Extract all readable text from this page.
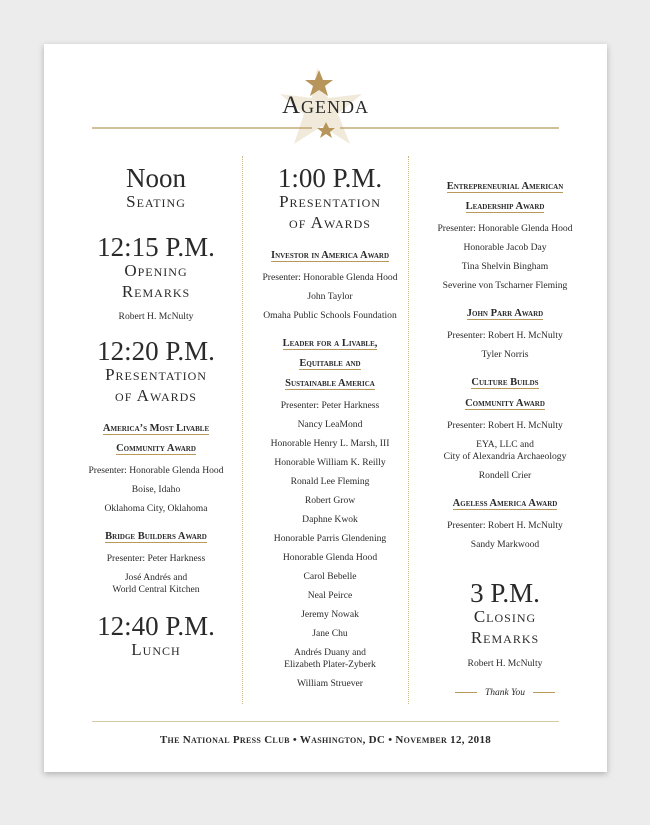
Agenda
Noon
Seating
12:15 P.M.
Opening
Remarks
Robert H. McNulty
12:20 P.M.
Presentation
of Awards
America’s Most Livable
Community Award
Presenter: Honorable Glenda Hood
Boise, Idaho
Oklahoma City, Oklahoma
Bridge Builders Award
Presenter: Peter Harkness
José Andrés and
World Central Kitchen
12:40 P.M.
Lunch
1:00 P.M.
Presentation
of Awards
Investor in America Award
Presenter: Honorable Glenda Hood
John Taylor
Omaha Public Schools Foundation
Leader for a Livable,
Equitable and
Sustainable America
Presenter: Peter Harkness
Nancy LeaMond
Honorable Henry L. Marsh, III
Honorable William K. Reilly
Ronald Lee Fleming
Robert Grow
Daphne Kwok
Honorable Parris Glendening
Honorable Glenda Hood
Carol Bebelle
Neal Peirce
Jeremy Nowak
Jane Chu
Andrés Duany and
Elizabeth Plater-Zyberk
William Struever
Entrepreneurial American
Leadership Award
Presenter: Honorable Glenda Hood
Honorable Jacob Day
Tina Shelvin Bingham
Severine von Tscharner Fleming
John Parr Award
Presenter: Robert H. McNulty
Tyler Norris
Culture Builds
Community Award
Presenter: Robert H. McNulty
EYA, LLC and
City of Alexandria Archaeology
Rondell Crier
Ageless America Award
Presenter: Robert H. McNulty
Sandy Markwood
3 P.M.
Closing
Remarks
Robert H. McNulty
Thank You
The National Press Club • Washington, DC • November 12, 2018
